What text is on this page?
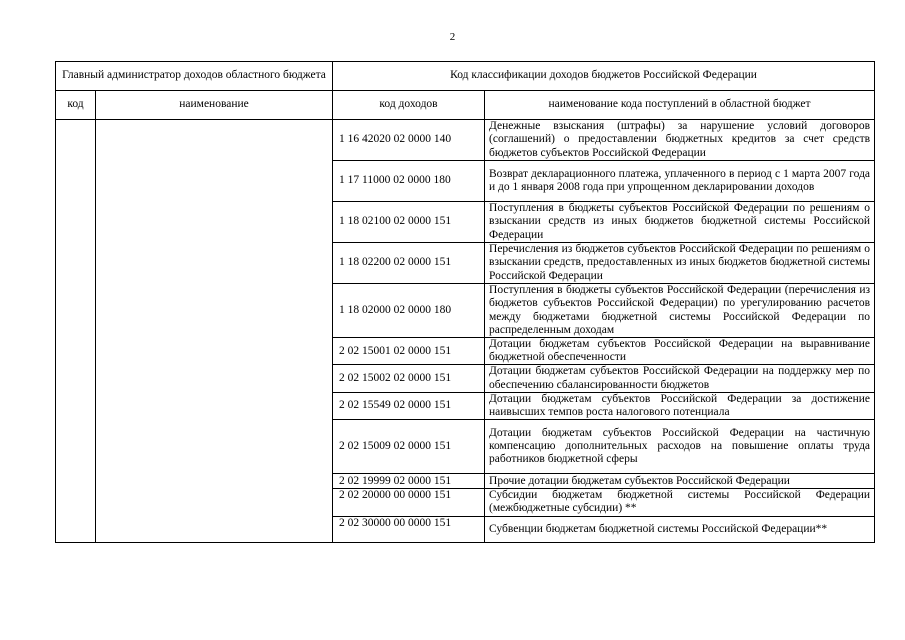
2
Главный администратор доходов областного бюджета		Код классификации доходов бюджетов Российской Федерации	
код	наименование	код доходов	наименование кода поступлений в областной бюджет
		1 16 42020 02 0000 140	Денежные взыскания (штрафы) за нарушение условий договоров (соглашений) о предоставлении бюджетных кредитов за счет средств бюджетов субъектов Российской Федерации
		1 17 11000 02 0000 180	Возврат декларационного платежа, уплаченного в период с 1 марта 2007 года и до 1 января 2008 года при упрощенном декларировании доходов
		1 18 02100 02 0000 151	Поступления в бюджеты субъектов Российской Федерации по решениям о взыскании средств из иных бюджетов бюджетной системы Российской Федерации
		1 18 02200 02 0000 151	Перечисления из бюджетов субъектов Российской Федерации по решениям о взыскании средств, предоставленных из иных бюджетов бюджетной системы Российской Федерации
		1 18 02000 02 0000 180	Поступления в бюджеты субъектов Российской Федерации (перечисления из бюджетов субъектов Российской Федерации) по урегулированию расчетов между бюджетами бюджетной системы Российской Федерации по распределенным доходам
		2 02 15001 02 0000 151	Дотации бюджетам субъектов Российской Федерации на выравнивание бюджетной обеспеченности
		2 02 15002 02 0000 151	Дотации бюджетам субъектов Российской Федерации на поддержку мер по обеспечению сбалансированности бюджетов
		2 02 15549 02 0000 151	Дотации бюджетам субъектов Российской Федерации за достижение наивысших темпов роста налогового потенциала
		2 02 15009 02 0000 151	Дотации бюджетам субъектов Российской Федерации на частичную компенсацию дополнительных расходов на повышение оплаты труда работников бюджетной сферы
		2 02 19999 02 0000 151	Прочие дотации бюджетам субъектов Российской Федерации
		2 02 20000 00 0000 151	Субсидии бюджетам бюджетной системы Российской Федерации (межбюджетные субсидии) **
		2 02 30000 00 0000 151	Субвенции бюджетам бюджетной системы Российской Федерации**
